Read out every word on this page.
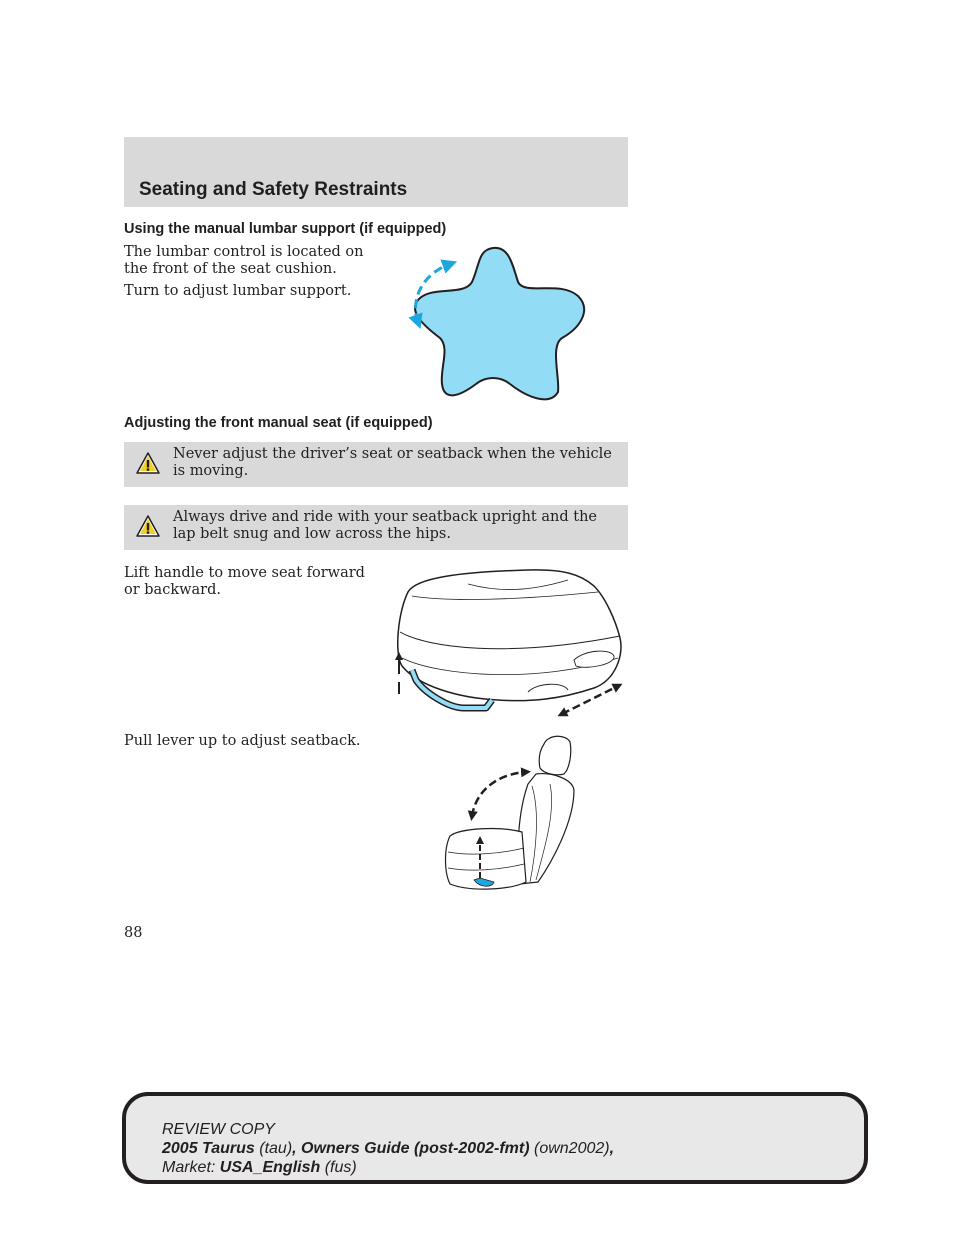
Seating and Safety Restraints
Using the manual lumbar support (if equipped)

The lumbar control is located on the front of the seat cushion.

Turn to adjust lumbar support.

Adjusting the front manual seat (if equipped)

Never adjust the driver’s seat or seatback when the vehicle is moving.

Always drive and ride with your seatback upright and the lap belt snug and low across the hips.

Lift handle to move seat forward or backward.

Pull lever up to adjust seatback.

88

REVIEW COPY

2005 Taurus (tau), Owners Guide (post-2002-fmt) (own2002),

Market: USA_English (fus)
